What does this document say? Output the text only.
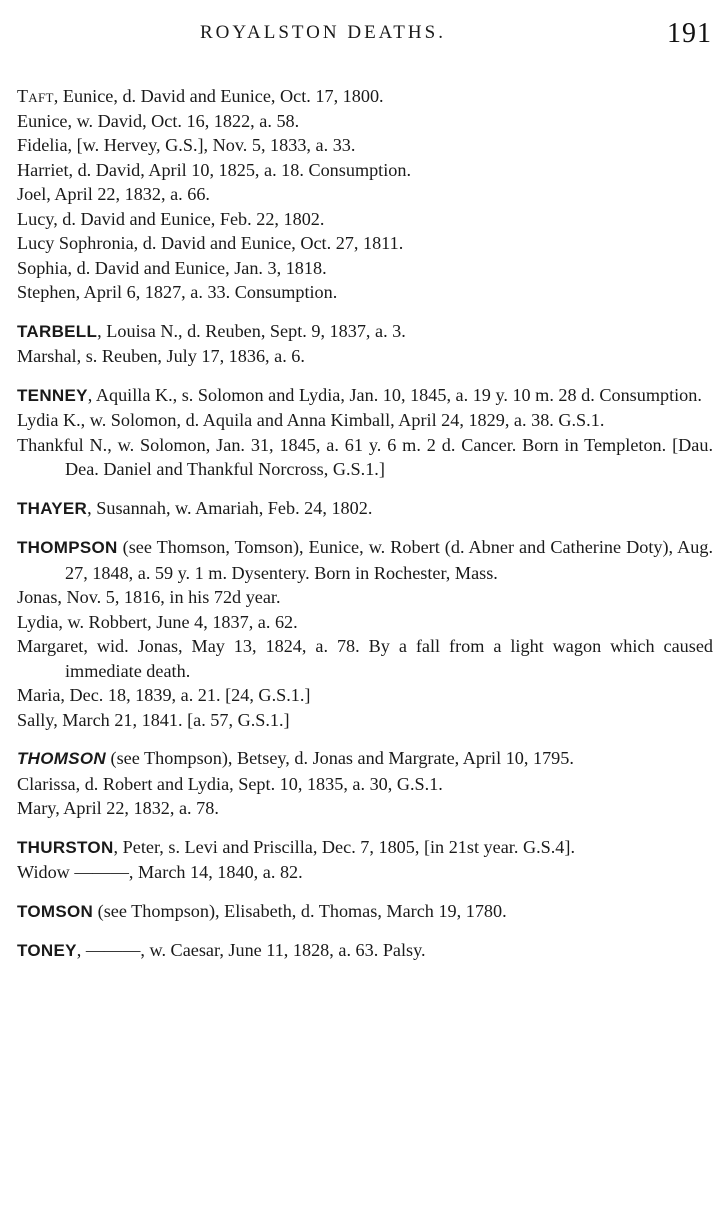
ROYALSTON DEATHS.	191

Taft, Eunice, d. David and Eunice, Oct. 17, 1800.

Eunice, w. David, Oct. 16, 1822, a. 58.

Fidelia, [w. Hervey, G.S.], Nov. 5, 1833, a. 33.

Harriet, d. David, April 10, 1825, a. 18. Consumption.

Joel, April 22, 1832, a. 66.

Lucy, d. David and Eunice, Feb. 22, 1802.

Lucy Sophronia, d. David and Eunice, Oct. 27, 1811.

Sophia, d. David and Eunice, Jan. 3, 1818.

Stephen, April 6, 1827, a. 33. Consumption.

TARBELL, Louisa N., d. Reuben, Sept. 9, 1837, a. 3.

Marshal, s. Reuben, July 17, 1836, a. 6.

TENNEY, Aquilla K., s. Solomon and Lydia, Jan. 10, 1845, a. 19 y. 10 m. 28 d. Consumption.

Lydia K., w. Solomon, d. Aquila and Anna Kimball, April 24, 1829, a. 38. G.S.1.

Thankful N., w. Solomon, Jan. 31, 1845, a. 61 y. 6 m. 2 d. Cancer. Born in Templeton. [Dau. Dea. Daniel and Thankful Norcross, G.S.1.]

THAYER, Susannah, w. Amariah, Feb. 24, 1802.

THOMPSON (see Thomson, Tomson), Eunice, w. Robert (d. Abner and Catherine Doty), Aug. 27, 1848, a. 59 y. 1 m. Dysentery. Born in Rochester, Mass.

Jonas, Nov. 5, 1816, in his 72d year.

Lydia, w. Robbert, June 4, 1837, a. 62.

Margaret, wid. Jonas, May 13, 1824, a. 78. By a fall from a light wagon which caused immediate death.

Maria, Dec. 18, 1839, a. 21. [24, G.S.1.]

Sally, March 21, 1841. [a. 57, G.S.1.]

THOMSON (see Thompson), Betsey, d. Jonas and Margrate, April 10, 1795.

Clarissa, d. Robert and Lydia, Sept. 10, 1835, a. 30, G.S.1.

Mary, April 22, 1832, a. 78.

THURSTON, Peter, s. Levi and Priscilla, Dec. 7, 1805, [in 21st year. G.S.4].

Widow ———, March 14, 1840, a. 82.

TOMSON (see Thompson), Elisabeth, d. Thomas, March 19, 1780.

TONEY, ———, w. Caesar, June 11, 1828, a. 63. Palsy.
